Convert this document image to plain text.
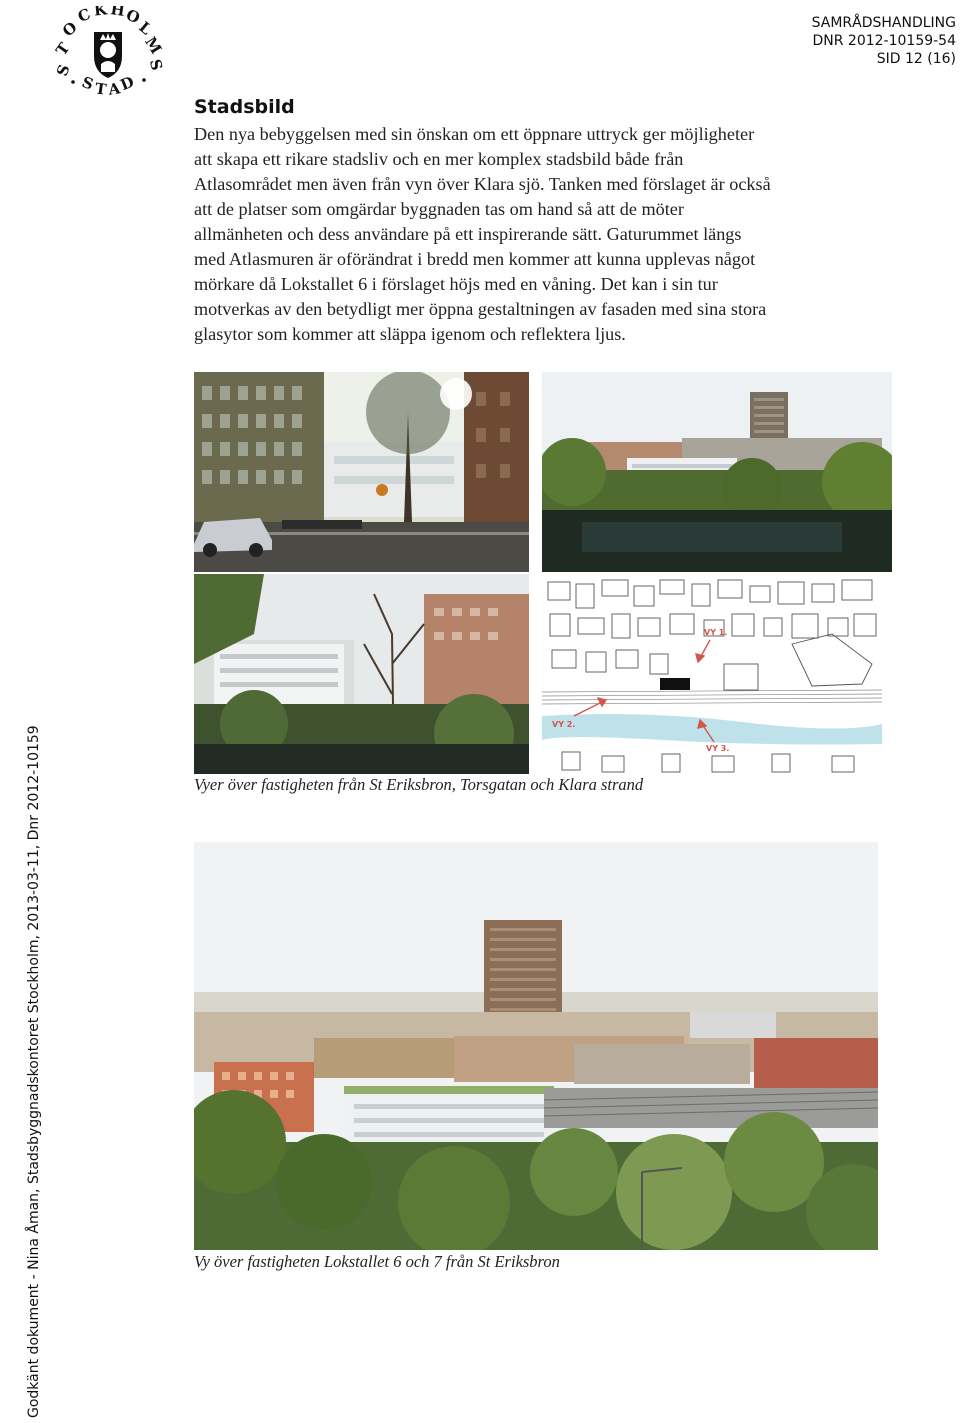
S
T
O
C K H
O
L
M
S
S
T A
D
SAMRÅDSHANDLING
DNR 2012-10159-54
SID 12 (16)
Stadsbild
Den nya bebyggelsen med sin önskan om ett öppnare uttryck ger möjligheter
att skapa ett rikare stadsliv och en mer komplex stadsbild både från
Atlasområdet men även från vyn över Klara sjö. Tanken med förslaget är också
att de platser som omgärdar byggnaden tas om hand så att de möter
allmänheten och dess användare på ett inspirerande sätt. Gaturummet längs
med Atlasmuren är oförändrat i bredd men kommer att kunna upplevas något
mörkare då Lokstallet 6 i förslaget höjs med en våning. Det kan i sin tur
motverkas av den betydligt mer öppna gestaltningen av fasaden med sina stora
glasytor som kommer att släppa igenom och reflektera ljus.
VY 1.
VY 2.
VY 3.

Vyer över fastigheten från St Eriksbron, Torsgatan och Klara strand

Vy över fastigheten Lokstallet 6 och 7 från St Eriksbron

Godkänt dokument - Nina Åman, Stadsbyggnadskontoret Stockholm, 2013-03-11, Dnr 2012-10159
